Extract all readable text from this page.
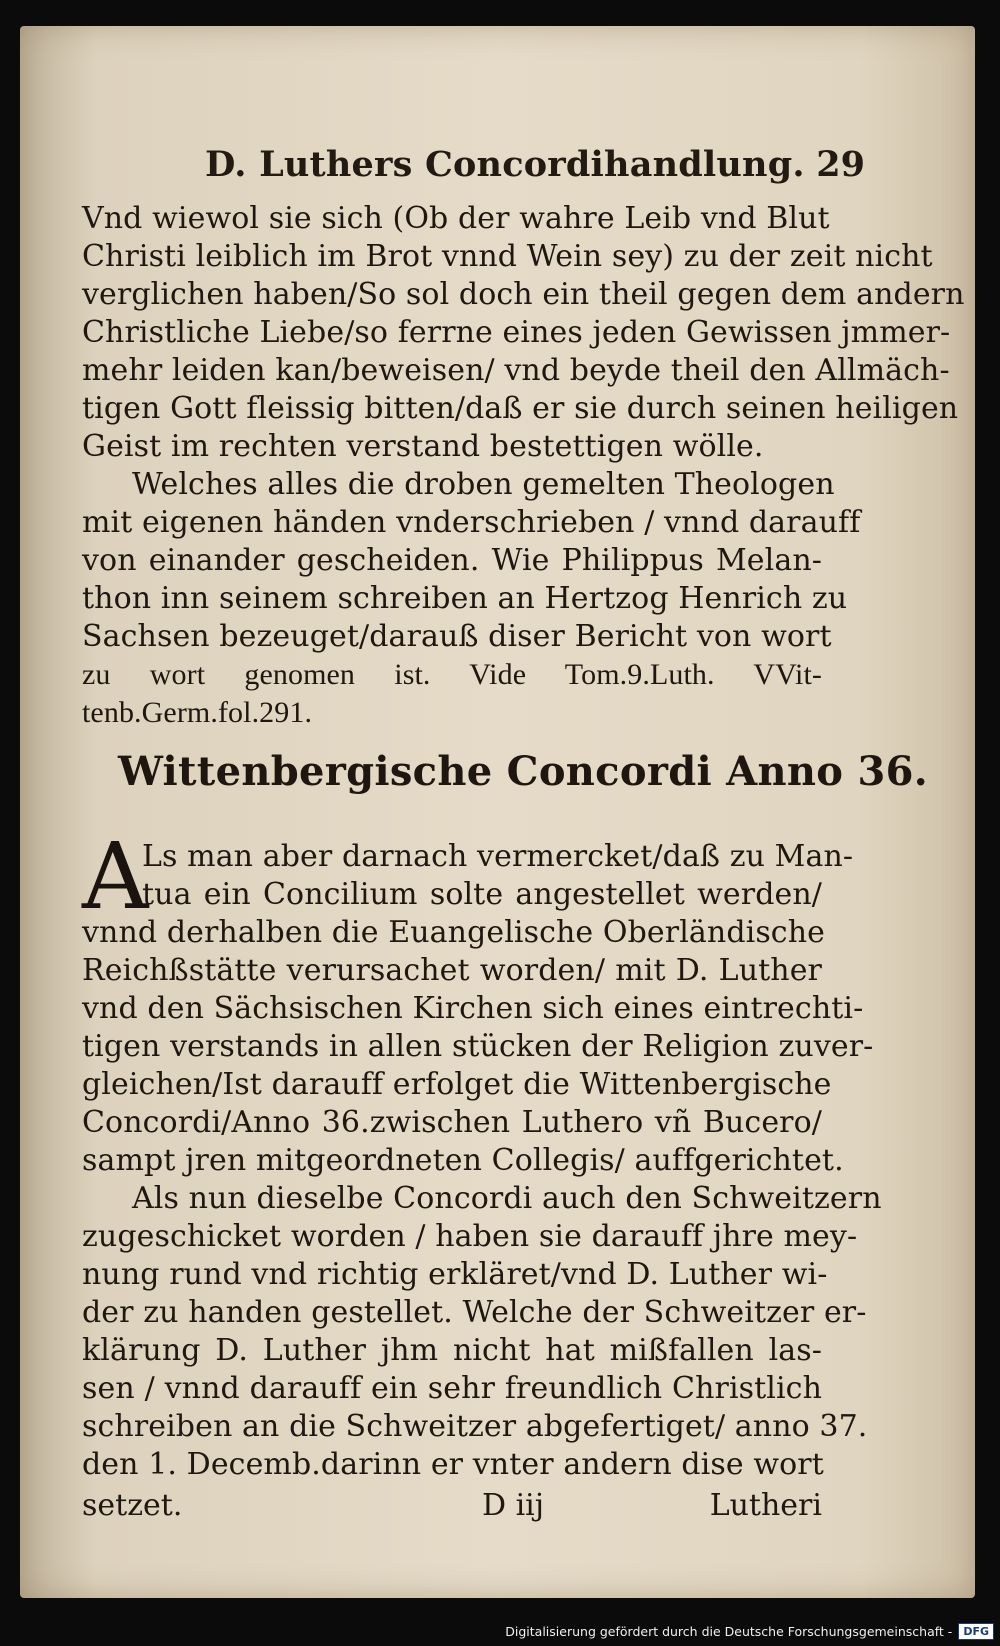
D. Luthers Concordihandlung. 29
Vnd wiewol sie sich (Ob der wahre Leib vnd Blut
Christi leiblich im Brot vnnd Wein sey) zu der zeit nicht
verglichen haben/So sol doch ein theil gegen dem andern
Christliche Liebe/so ferrne eines jeden Gewissen jmmer-
mehr leiden kan/beweisen/ vnd beyde theil den Allmäch-
tigen Gott fleissig bitten/daß er sie durch seinen heiligen
Geist im rechten verstand bestettigen wölle.
Welches alles die droben gemelten Theologen
mit eigenen händen vnderschrieben / vnnd darauff
von einander gescheiden. Wie Philippus Melan-
thon inn seinem schreiben an Hertzog Henrich zu
Sachsen bezeuget/darauß diser Bericht von wort
zu wort genomen ist. Vide Tom.9.Luth. VVit-
tenb.Germ.fol.291.
Wittenbergische Concordi Anno 36.
A
Ls man aber darnach vermercket/daß zu Man-
tua ein Concilium solte angestellet werden/
vnnd derhalben die Euangelische Oberländische
Reichßstätte verursachet worden/ mit D. Luther
vnd den Sächsischen Kirchen sich eines eintrechti-
tigen verstands in allen stücken der Religion zuver-
gleichen/Ist darauff erfolget die Wittenbergische
Concordi/Anno 36.zwischen Luthero vñ Bucero/
sampt jren mitgeordneten Collegis/ auffgerichtet.
Als nun dieselbe Concordi auch den Schweitzern
zugeschicket worden / haben sie darauff jhre mey-
nung rund vnd richtig erkläret/vnd D. Luther wi-
der zu handen gestellet. Welche der Schweitzer er-
klärung D. Luther jhm nicht hat mißfallen las-
sen / vnnd darauff ein sehr freundlich Christlich
schreiben an die Schweitzer abgefertiget/ anno 37.
den 1. Decemb.darinn er vnter andern dise wort
setzet.	D iij	Lutheri
Digitalisierung gefördert durch die Deutsche Forschungsgemeinschaft -	DFG
